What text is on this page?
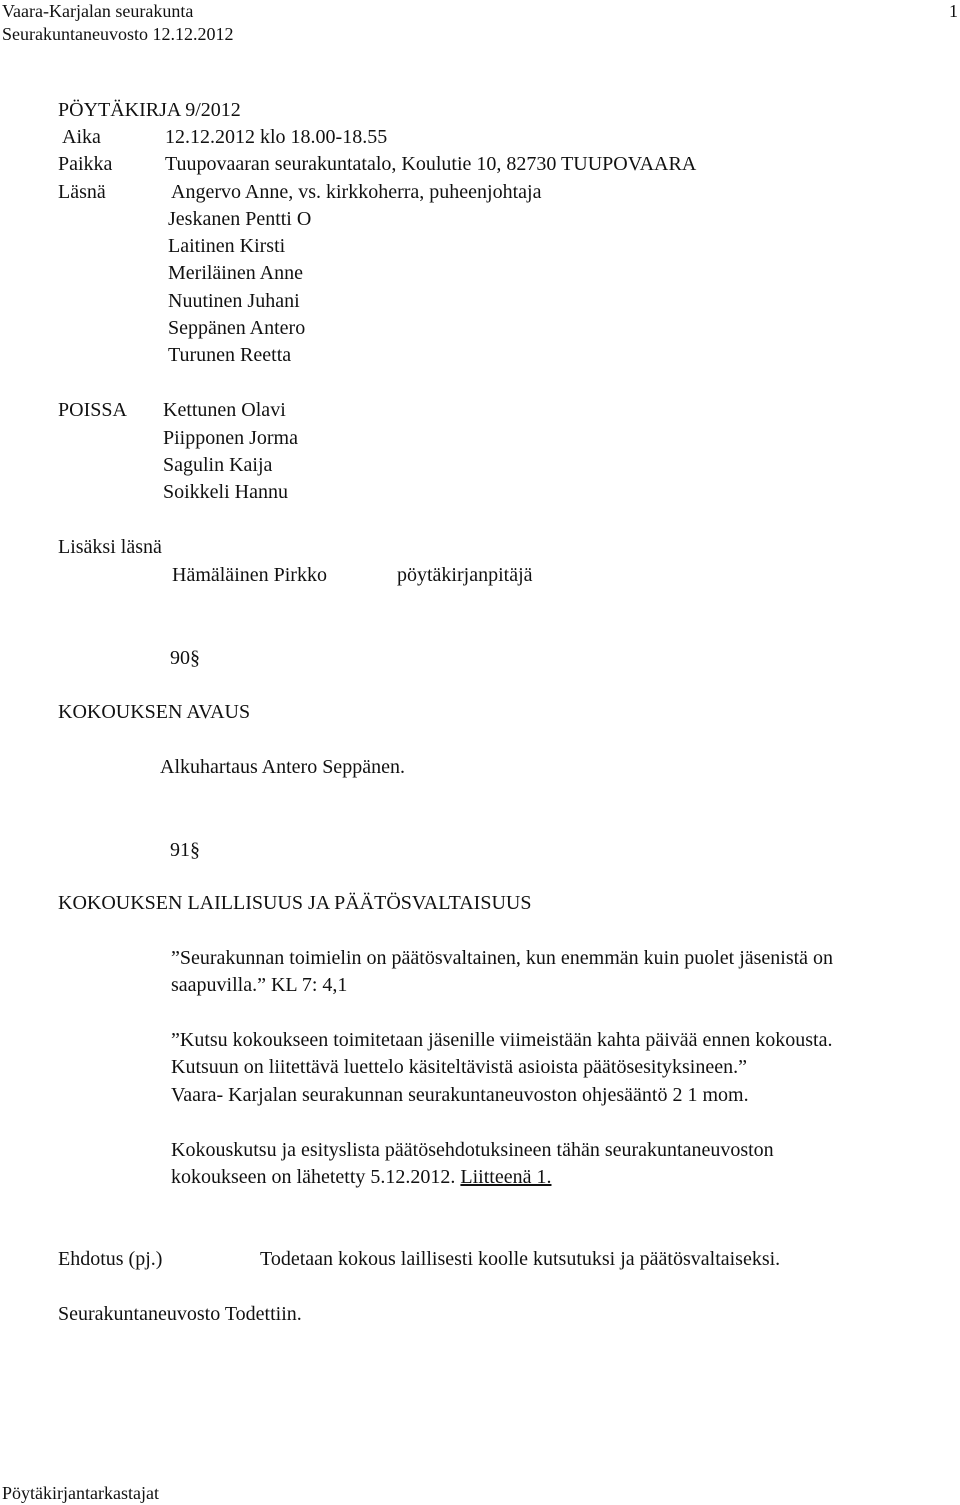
Vaara-Karjalan seurakunta
Seurakuntaneuvosto 12.12.2012
1
PÖYTÄKIRJA 9/2012
Aika	12.12.2012 klo 18.00-18.55
Paikka	Tuupovaaran seurakuntatalo, Koulutie 10, 82730 TUUPOVAARA
Läsnä	Angervo Anne, vs. kirkkoherra, puheenjohtaja
Jeskanen Pentti O
Laitinen Kirsti
Meriläinen Anne
Nuutinen Juhani
Seppänen Antero
Turunen Reetta
POISSA Kettunen Olavi
Piipponen Jorma
Sagulin Kaija
Soikkeli Hannu
Lisäksi läsnä
Hämäläinen Pirkko	pöytäkirjanpitäjä
90§
KOKOUKSEN AVAUS
Alkuhartaus Antero Seppänen.
91§
KOKOUKSEN LAILLISUUS JA PÄÄTÖSVALTAISUUS
”Seurakunnan toimielin on päätösvaltainen, kun enemmän kuin puolet jäsenistä on
saapuvilla.” KL 7: 4,1
”Kutsu kokoukseen toimitetaan jäsenille viimeistään kahta päivää ennen kokousta.
Kutsuun on liitettävä luettelo käsiteltävistä asioista päätösesityksineen.”
Vaara- Karjalan seurakunnan seurakuntaneuvoston ohjesääntö 2 1 mom.
Kokouskutsu ja esityslista päätösehdotuksineen tähän seurakuntaneuvoston
kokoukseen on lähetetty 5.12.2012. Liitteenä 1.
Ehdotus (pj.)	Todetaan kokous laillisesti koolle kutsutuksi ja päätösvaltaiseksi.
Seurakuntaneuvosto Todettiin.
Pöytäkirjantarkastajat
